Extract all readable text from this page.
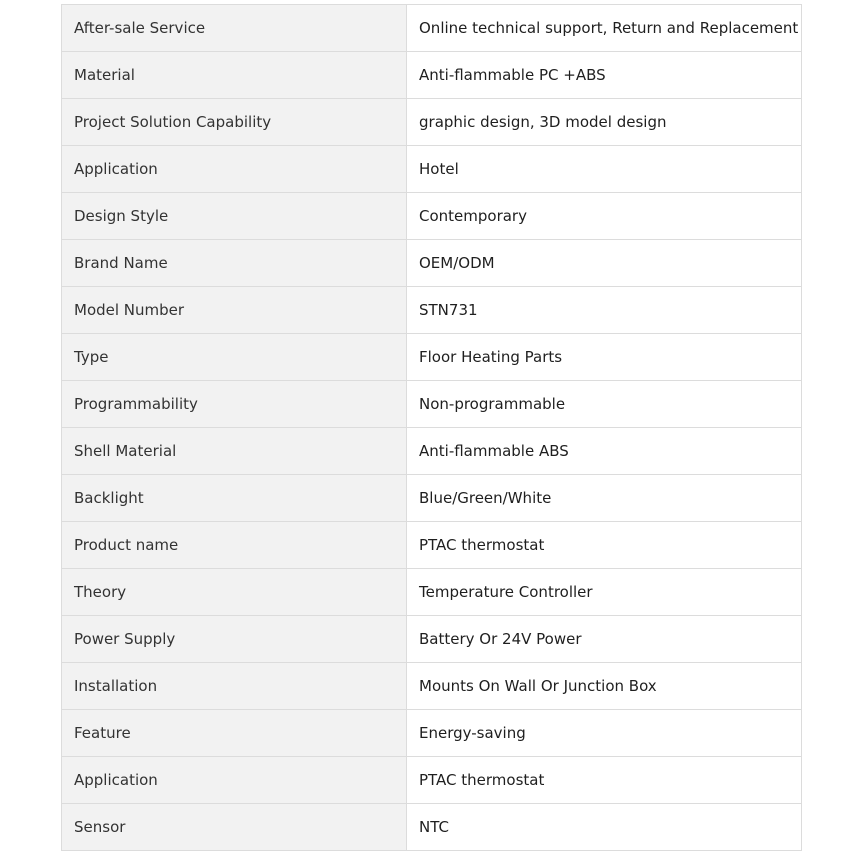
After-sale Service	Online technical support, Return and Replacement
Material	Anti-flammable PC +ABS
Project Solution Capability	graphic design, 3D model design
Application	Hotel
Design Style	Contemporary
Brand Name	OEM/ODM
Model Number	STN731
Type	Floor Heating Parts
Programmability	Non-programmable
Shell Material	Anti-flammable ABS
Backlight	Blue/Green/White
Product name	PTAC thermostat
Theory	Temperature Controller
Power Supply	Battery Or 24V Power
Installation	Mounts On Wall Or Junction Box
Feature	Energy-saving
Application	PTAC thermostat
Sensor	NTC
